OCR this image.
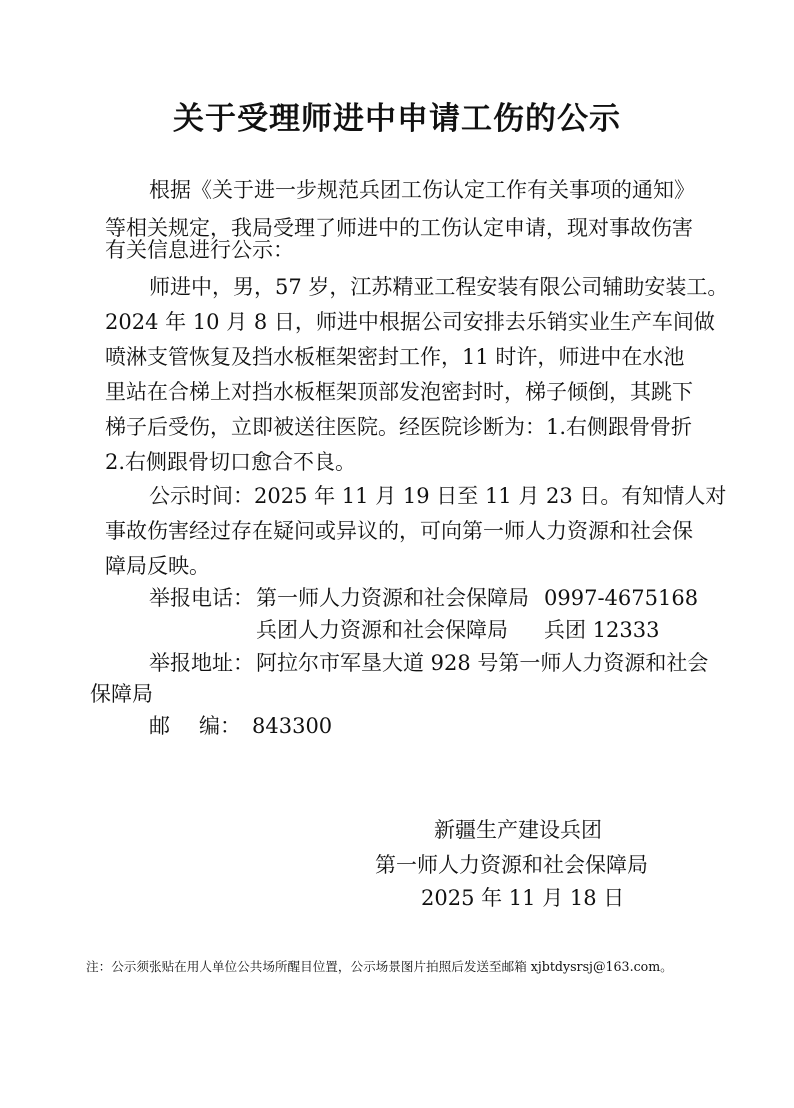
关于受理师进中申请工伤的公示
根据《关于进一步规范兵团工伤认定工作有关事项的通知》
等相关规定，我局受理了师进中的工伤认定申请，现对事故伤害
有关信息进行公示：
师进中，男，57 岁，江苏精亚工程安装有限公司辅助安装工。
2024 年 10 月 8 日，师进中根据公司安排去乐销实业生产车间做
喷淋支管恢复及挡水板框架密封工作，11 时许，师进中在水池
里站在合梯上对挡水板框架顶部发泡密封时，梯子倾倒，其跳下
梯子后受伤，立即被送往医院。经医院诊断为：1.右侧跟骨骨折
2.右侧跟骨切口愈合不良。
公示时间：2025 年 11 月 19 日至 11 月 23 日。有知情人对
事故伤害经过存在疑问或异议的，可向第一师人力资源和社会保
障局反映。
举报电话： 第一师人力资源和社会保障局 0997-4675168
兵团人力资源和社会保障局 兵团 12333
举报地址： 阿拉尔市军垦大道 928 号第一师人力资源和社会
保障局
邮 编： 843300
新疆生产建设兵团
第一师人力资源和社会保障局
2025 年 11 月 18 日
注：公示须张贴在用人单位公共场所醒目位置，公示场景图片拍照后发送至邮箱 xjbtdysrsj@163.com。
